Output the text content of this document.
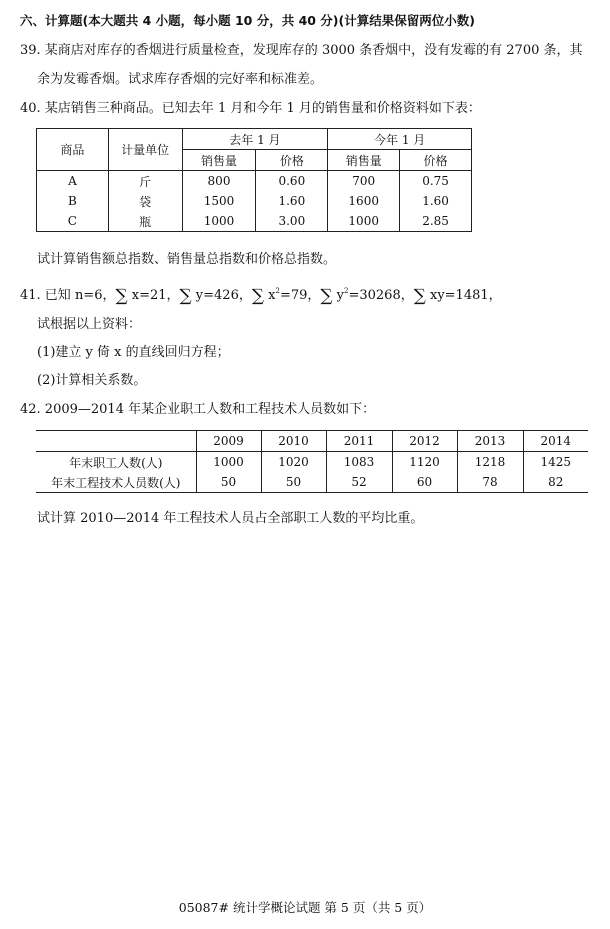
六、计算题(本大题共 4 小题，每小题 10 分，共 40 分)(计算结果保留两位小数)
39. 某商店对库存的香烟进行质量检查，发现库存的 3000 条香烟中，没有发霉的有 2700 条，其
余为发霉香烟。试求库存香烟的完好率和标准差。
40. 某店销售三种商品。已知去年 1 月和今年 1 月的销售量和价格资料如下表：
商品	计量单位	去年 1 月		今年 1 月	
		销售量	价格	销售量	价格
A	斤	800	0.60	700	0.75
B	袋	1500	1.60	1600	1.60
C	瓶	1000	3.00	1000	2.85
试计算销售额总指数、销售量总指数和价格总指数。
41. 已知 n=6，∑ x=21，∑ y=426，∑ $x^2=79$，∑ $y^2=30268$，∑ xy=1481，
试根据以上资料：
(1)建立 y 倚 x 的直线回归方程；
(2)计算相关系数。
42. 2009—2014 年某企业职工人数和工程技术人员数如下：
	2009	2010	2011	2012	2013	2014
年末职工人数(人)	1000	1020	1083	1120	1218	1425
年末工程技术人员数(人)	50	50	52	60	78	82
试计算 2010—2014 年工程技术人员占全部职工人数的平均比重。
05087# 统计学概论试题 第 5 页（共 5 页）
